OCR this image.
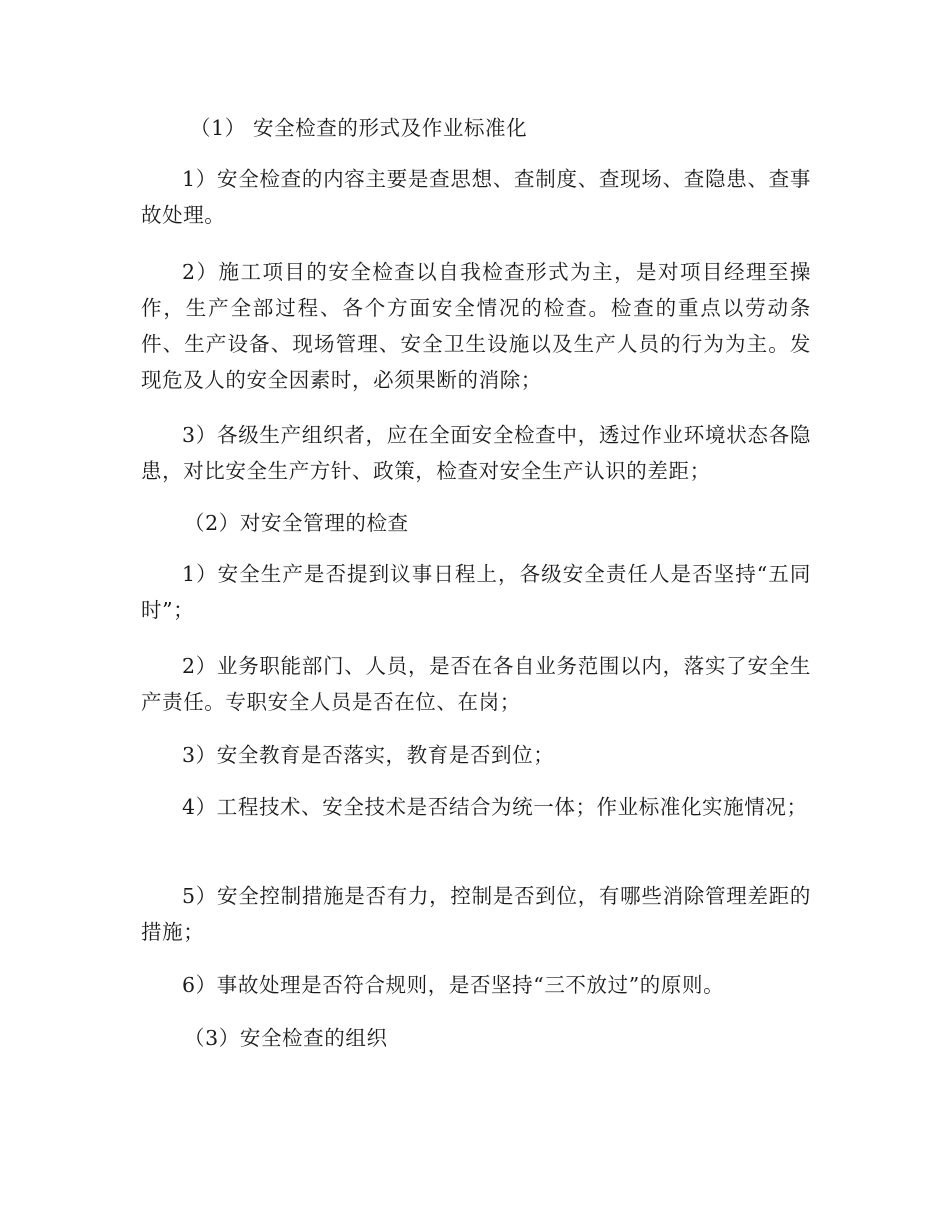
（1） 安全检查的形式及作业标准化

1）安全检查的内容主要是查思想、查制度、查现场、查隐患、查事故处理。

2）施工项目的安全检查以自我检查形式为主，是对项目经理至操作，生产全部过程、各个方面安全情况的检查。检查的重点以劳动条件、生产设备、现场管理、安全卫生设施以及生产人员的行为为主。发现危及人的安全因素时，必须果断的消除；

3）各级生产组织者，应在全面安全检查中，透过作业环境状态各隐患，对比安全生产方针、政策，检查对安全生产认识的差距；

（2）对安全管理的检查

1）安全生产是否提到议事日程上，各级安全责任人是否坚持“五同时”；

2）业务职能部门、人员，是否在各自业务范围以内，落实了安全生产责任。专职安全人员是否在位、在岗；

3）安全教育是否落实，教育是否到位；

4）工程技术、安全技术是否结合为统一体；作业标准化实施情况；

5）安全控制措施是否有力，控制是否到位，有哪些消除管理差距的措施；

6）事故处理是否符合规则，是否坚持“三不放过”的原则。

（3）安全检查的组织
